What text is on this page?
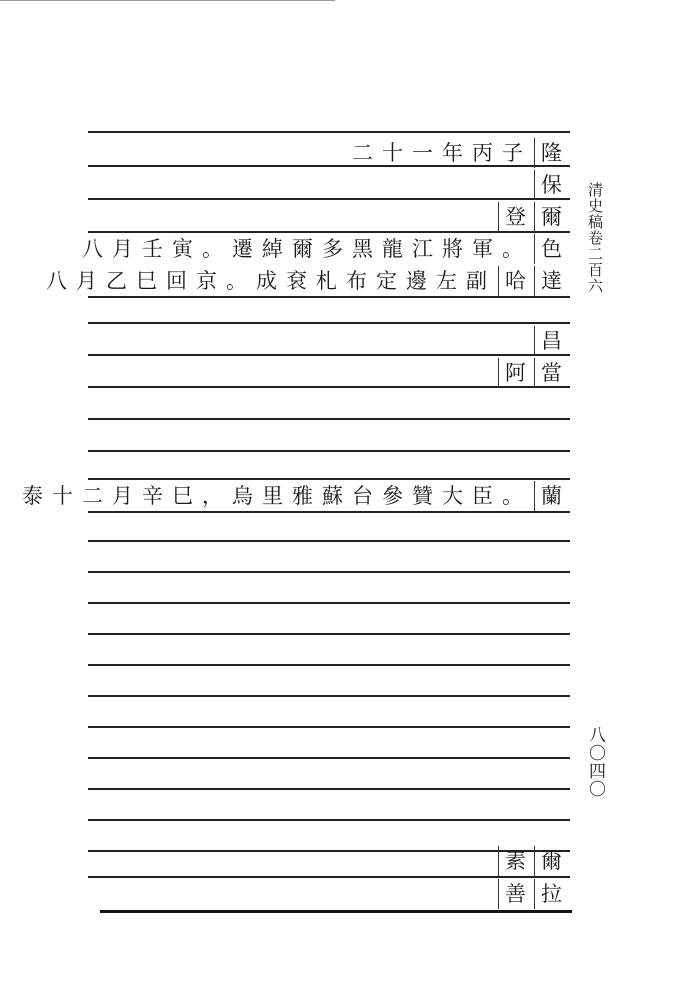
二十一年丙子 隆
保
登 爾
八月壬寅。遷綽爾多黑龍江將軍。 色
八月乙巳回京。成袞札布定邊左副 哈 達
昌
阿 當
泰十二月辛巳，烏里雅蘇台參贊大臣。 蘭
素 爾
善 拉
清史稿卷二百六
八〇四〇
